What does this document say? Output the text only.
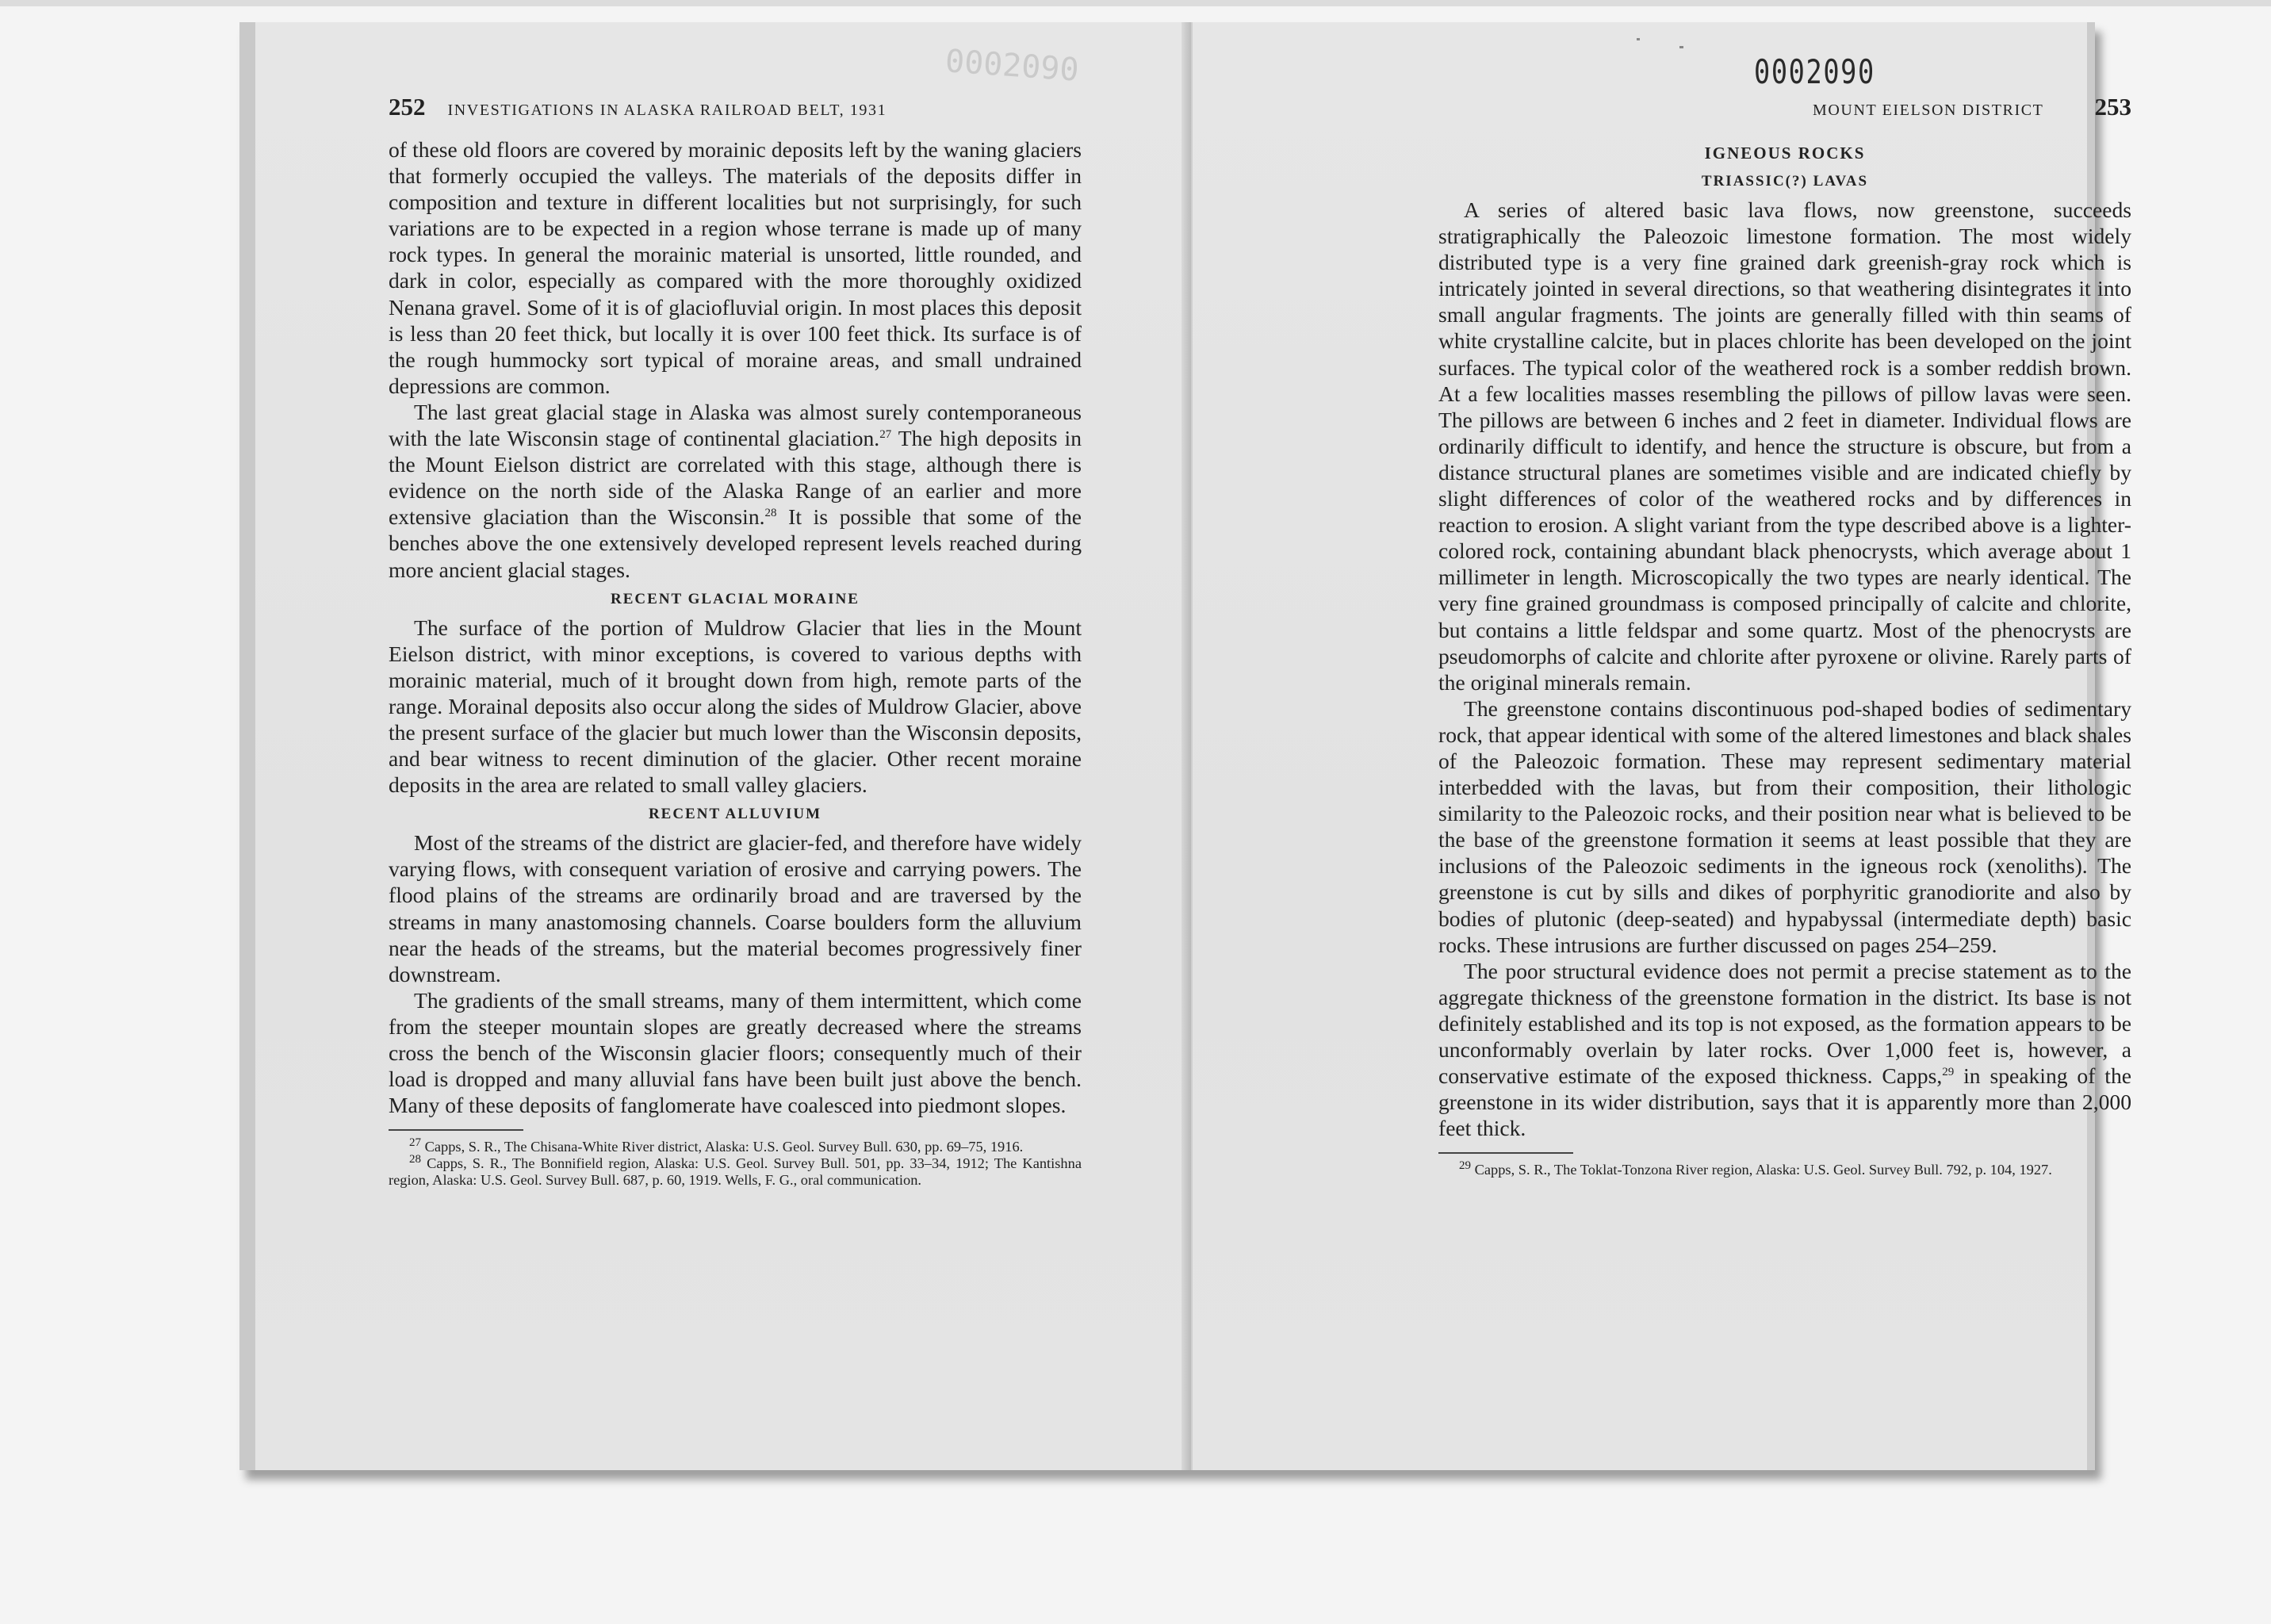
0002090
252	INVESTIGATIONS IN ALASKA RAILROAD BELT, 1931

of these old floors are covered by morainic deposits left by the waning glaciers that formerly occupied the valleys. The materials of the deposits differ in composition and texture in different localities but not surprisingly, for such variations are to be expected in a region whose terrane is made up of many rock types. In general the morainic material is unsorted, little rounded, and dark in color, especially as compared with the more thoroughly oxidized Nenana gravel. Some of it is of glaciofluvial origin. In most places this deposit is less than 20 feet thick, but locally it is over 100 feet thick. Its surface is of the rough hummocky sort typical of moraine areas, and small undrained depressions are common.

The last great glacial stage in Alaska was almost surely contemporaneous with the late Wisconsin stage of continental glaciation.$^{27}$ The high deposits in the Mount Eielson district are correlated with this stage, although there is evidence on the north side of the Alaska Range of an earlier and more extensive glaciation than the Wisconsin.$^{28}$ It is possible that some of the benches above the one extensively developed represent levels reached during more ancient glacial stages.

RECENT GLACIAL MORAINE

The surface of the portion of Muldrow Glacier that lies in the Mount Eielson district, with minor exceptions, is covered to various depths with morainic material, much of it brought down from high, remote parts of the range. Morainal deposits also occur along the sides of Muldrow Glacier, above the present surface of the glacier but much lower than the Wisconsin deposits, and bear witness to recent diminution of the glacier. Other recent moraine deposits in the area are related to small valley glaciers.

RECENT ALLUVIUM

Most of the streams of the district are glacier-fed, and therefore have widely varying flows, with consequent variation of erosive and carrying powers. The flood plains of the streams are ordinarily broad and are traversed by the streams in many anastomosing channels. Coarse boulders form the alluvium near the heads of the streams, but the material becomes progressively finer downstream.

The gradients of the small streams, many of them intermittent, which come from the steeper mountain slopes are greatly decreased where the streams cross the bench of the Wisconsin glacier floors; consequently much of their load is dropped and many alluvial fans have been built just above the bench. Many of these deposits of fanglomerate have coalesced into piedmont slopes.

$^{27}$ Capps, S. R., The Chisana-White River district, Alaska: U.S. Geol. Survey Bull. 630, pp. 69–75, 1916.

$^{28}$ Capps, S. R., The Bonnifield region, Alaska: U.S. Geol. Survey Bull. 501, pp. 33–34, 1912; The Kantishna region, Alaska: U.S. Geol. Survey Bull. 687, p. 60, 1919. Wells, F. G., oral communication.

MOUNT EIELSON DISTRICT	253
IGNEOUS ROCKS
TRIASSIC(?) LAVAS

A series of altered basic lava flows, now greenstone, succeeds stratigraphically the Paleozoic limestone formation. The most widely distributed type is a very fine grained dark greenish-gray rock which is intricately jointed in several directions, so that weathering disintegrates it into small angular fragments. The joints are generally filled with thin seams of white crystalline calcite, but in places chlorite has been developed on the joint surfaces. The typical color of the weathered rock is a somber reddish brown. At a few localities masses resembling the pillows of pillow lavas were seen. The pillows are between 6 inches and 2 feet in diameter. Individual flows are ordinarily difficult to identify, and hence the structure is obscure, but from a distance structural planes are sometimes visible and are indicated chiefly by slight differences of color of the weathered rocks and by differences in reaction to erosion. A slight variant from the type described above is a lighter-colored rock, containing abundant black phenocrysts, which average about 1 millimeter in length. Microscopically the two types are nearly identical. The very fine grained groundmass is composed principally of calcite and chlorite, but contains a little feldspar and some quartz. Most of the phenocrysts are pseudomorphs of calcite and chlorite after pyroxene or olivine. Rarely parts of the original minerals remain.

The greenstone contains discontinuous pod-shaped bodies of sedimentary rock, that appear identical with some of the altered limestones and black shales of the Paleozoic formation. These may represent sedimentary material interbedded with the lavas, but from their composition, their lithologic similarity to the Paleozoic rocks, and their position near what is believed to be the base of the greenstone formation it seems at least possible that they are inclusions of the Paleozoic sediments in the igneous rock (xenoliths). The greenstone is cut by sills and dikes of porphyritic granodiorite and also by bodies of plutonic (deep-seated) and hypabyssal (intermediate depth) basic rocks. These intrusions are further discussed on pages 254–259.

The poor structural evidence does not permit a precise statement as to the aggregate thickness of the greenstone formation in the district. Its base is not definitely established and its top is not exposed, as the formation appears to be unconformably overlain by later rocks. Over 1,000 feet is, however, a conservative estimate of the exposed thickness. Capps,$^{29}$ in speaking of the greenstone in its wider distribution, says that it is apparently more than 2,000 feet thick.

$^{29}$ Capps, S. R., The Toklat-Tonzona River region, Alaska: U.S. Geol. Survey Bull. 792, p. 104, 1927.

0002090
